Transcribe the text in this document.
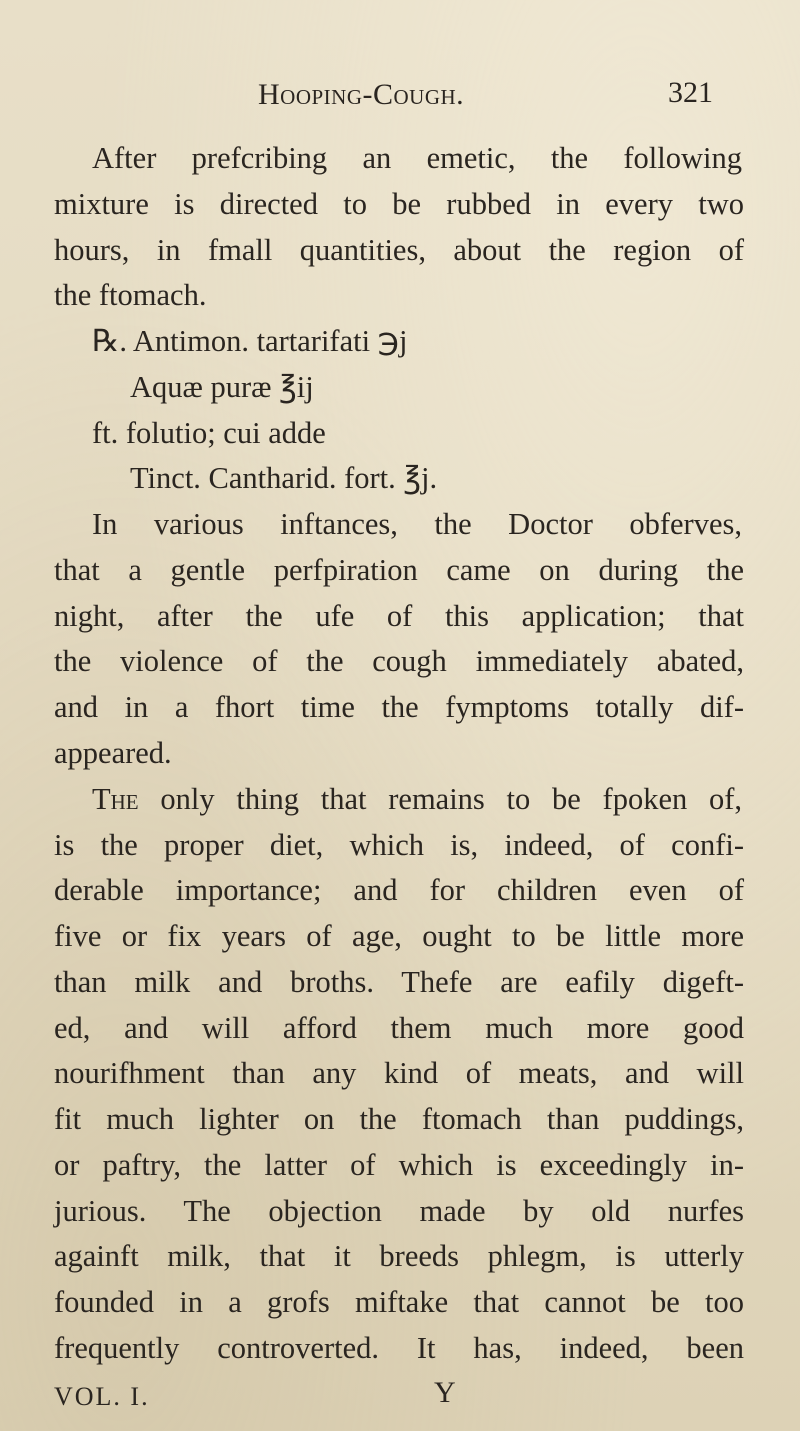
Hooping-Cough.	321
After prefcribing an emetic, the following
mixture is directed to be rubbed in every two
hours, in fmall quantities, about the region of
the ftomach.
℞. Antimon. tartarifati ℈j
Aquæ puræ ℥ij
ft. folutio; cui adde
Tinct. Cantharid. fort. ℥j.
In various inftances, the Doctor obferves,
that a gentle perfpiration came on during the
night, after the ufe of this application; that
the violence of the cough immediately abated,
and in a fhort time the fymptoms totally dif-
appeared.
The only thing that remains to be fpoken of,
is the proper diet, which is, indeed, of confi-
derable importance; and for children even of
five or fix years of age, ought to be little more
than milk and broths. Thefe are eafily digeft-
ed, and will afford them much more good
nourifhment than any kind of meats, and will
fit much lighter on the ftomach than puddings,
or paftry, the latter of which is exceedingly in-
jurious. The objection made by old nurfes
againft milk, that it breeds phlegm, is utterly
founded in a grofs miftake that cannot be too
frequently controverted. It has, indeed, been
VOL. I.	Y
